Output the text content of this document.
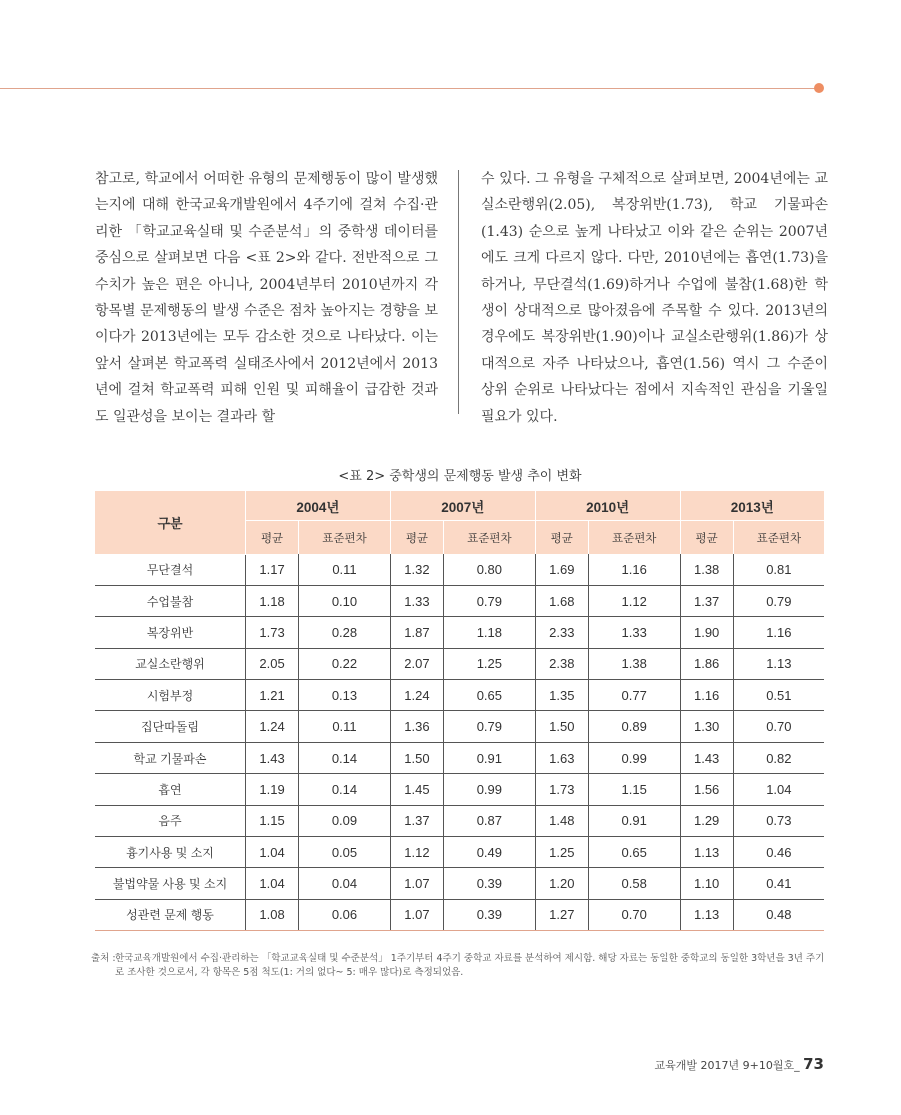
참고로, 학교에서 어떠한 유형의 문제행동이 많이 발생했는지에 대해 한국교육개발원에서 4주기에 걸쳐 수집·관리한 「학교교육실태 및 수준분석」의 중학생 데이터를 중심으로 살펴보면 다음 <표 2>와 같다. 전반적으로 그 수치가 높은 편은 아니나, 2004년부터 2010년까지 각 항목별 문제행동의 발생 수준은 점차 높아지는 경향을 보이다가 2013년에는 모두 감소한 것으로 나타났다. 이는 앞서 살펴본 학교폭력 실태조사에서 2012년에서 2013년에 걸쳐 학교폭력 피해 인원 및 피해율이 급감한 것과도 일관성을 보이는 결과라 할
수 있다. 그 유형을 구체적으로 살펴보면, 2004년에는 교실소란행위(2.05), 복장위반(1.73), 학교 기물파손(1.43) 순으로 높게 나타났고 이와 같은 순위는 2007년에도 크게 다르지 않다. 다만, 2010년에는 흡연(1.73)을 하거나, 무단결석(1.69)하거나 수업에 불참(1.68)한 학생이 상대적으로 많아졌음에 주목할 수 있다. 2013년의 경우에도 복장위반(1.90)이나 교실소란행위(1.86)가 상대적으로 자주 나타났으나, 흡연(1.56) 역시 그 수준이 상위 순위로 나타났다는 점에서 지속적인 관심을 기울일 필요가 있다.
<표 2> 중학생의 문제행동 발생 추이 변화
구분	2004년		2007년		2010년		2013년	
	평균	표준편차	평균	표준편차	평균	표준편차	평균	표준편차
무단결석	1.17	0.11	1.32	0.80	1.69	1.16	1.38	0.81
수업불참	1.18	0.10	1.33	0.79	1.68	1.12	1.37	0.79
복장위반	1.73	0.28	1.87	1.18	2.33	1.33	1.90	1.16
교실소란행위	2.05	0.22	2.07	1.25	2.38	1.38	1.86	1.13
시험부정	1.21	0.13	1.24	0.65	1.35	0.77	1.16	0.51
집단따돌림	1.24	0.11	1.36	0.79	1.50	0.89	1.30	0.70
학교 기물파손	1.43	0.14	1.50	0.91	1.63	0.99	1.43	0.82
흡연	1.19	0.14	1.45	0.99	1.73	1.15	1.56	1.04
음주	1.15	0.09	1.37	0.87	1.48	0.91	1.29	0.73
흉기사용 및 소지	1.04	0.05	1.12	0.49	1.25	0.65	1.13	0.46
불법약물 사용 및 소지	1.04	0.04	1.07	0.39	1.20	0.58	1.10	0.41
성관련 문제 행동	1.08	0.06	1.07	0.39	1.27	0.70	1.13	0.48
출처 : 한국교육개발원에서 수집·관리하는 「학교교육실태 및 수준분석」 1주기부터 4주기 중학교 자료를 분석하여 제시함. 해당 자료는 동일한 중학교의 동일한 3학년을 3년 주기로 조사한 것으로서, 각 항목은 5점 척도(1: 거의 없다~ 5: 매우 많다)로 측정되었음.
교육개발 2017년 9+10월호_ 73
